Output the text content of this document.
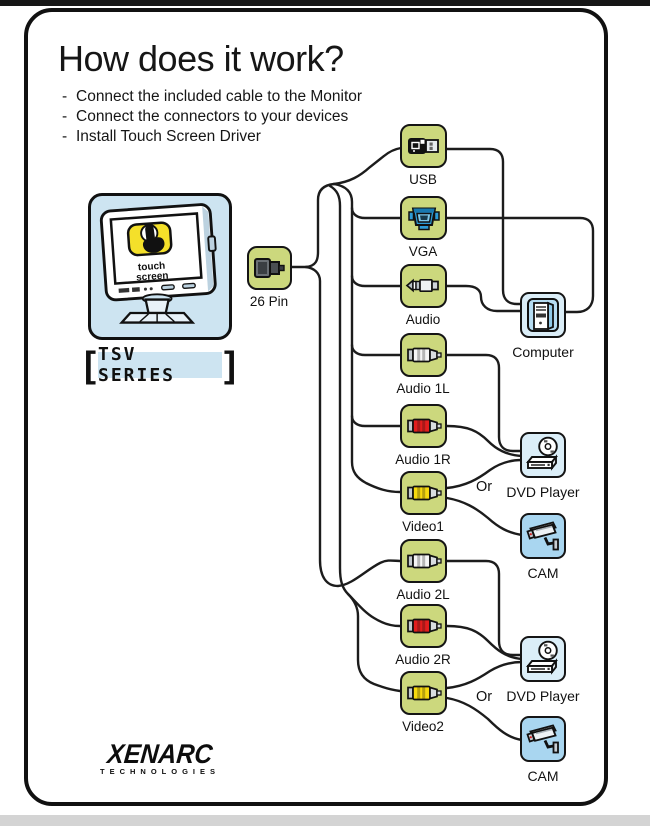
How does it work?
- Connect the included cable to the Monitor
- Connect the connectors to your devices
- Install Touch Screen Driver
touch
screen
[ TSV SERIES	]
26 Pin
USB
VGA
Audio
Audio 1L
Audio 1R
Video1
Audio 2L
Audio 2R
Video2
Computer
DVD Player
CAM
DVD Player
CAM
Or
Or
XENARC
TECHNOLOGIES
